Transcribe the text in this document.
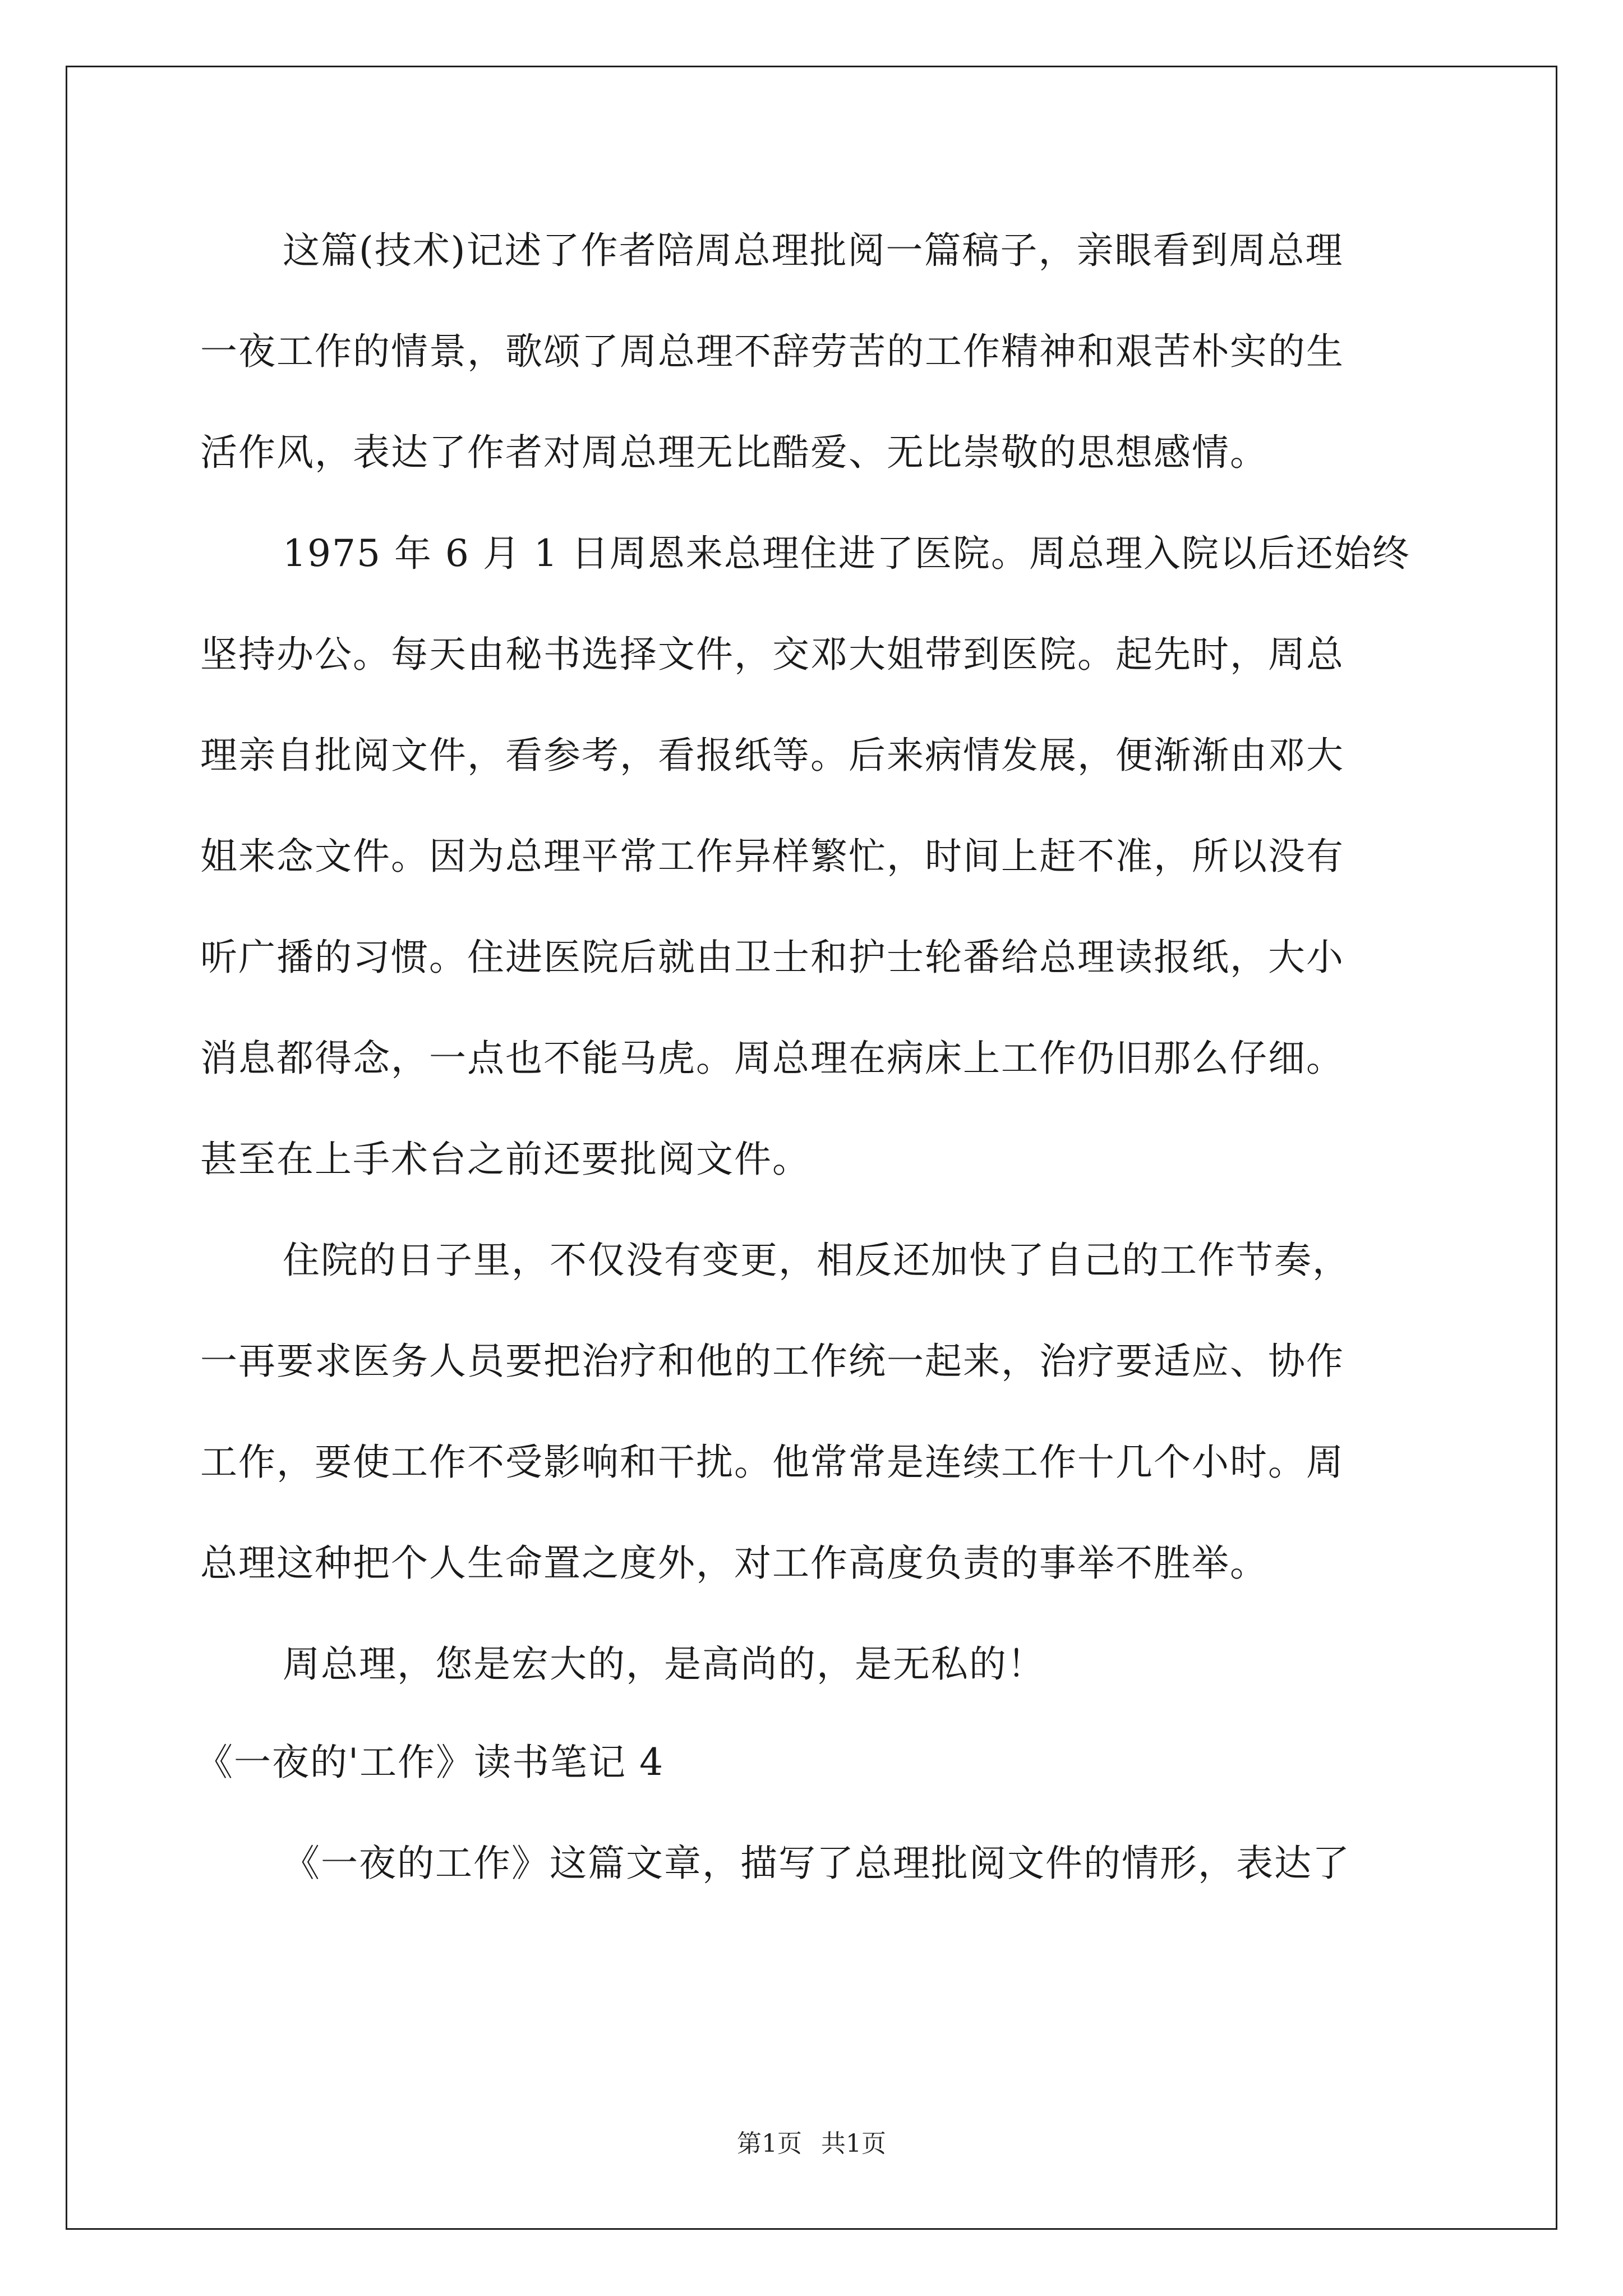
这篇(技术)记述了作者陪周总理批阅一篇稿子，亲眼看到周总理
一夜工作的情景，歌颂了周总理不辞劳苦的工作精神和艰苦朴实的生
活作风，表达了作者对周总理无比酷爱、无比崇敬的思想感情。
1975 年 6 月 1 日周恩来总理住进了医院。周总理入院以后还始终
坚持办公。每天由秘书选择文件，交邓大姐带到医院。起先时，周总
理亲自批阅文件，看参考，看报纸等。后来病情发展，便渐渐由邓大
姐来念文件。因为总理平常工作异样繁忙，时间上赶不准，所以没有
听广播的习惯。住进医院后就由卫士和护士轮番给总理读报纸，大小
消息都得念，一点也不能马虎。周总理在病床上工作仍旧那么仔细。
甚至在上手术台之前还要批阅文件。
住院的日子里，不仅没有变更，相反还加快了自己的工作节奏，
一再要求医务人员要把治疗和他的工作统一起来，治疗要适应、协作
工作，要使工作不受影响和干扰。他常常是连续工作十几个小时。周
总理这种把个人生命置之度外，对工作高度负责的事举不胜举。
周总理，您是宏大的，是高尚的，是无私的！
《一夜的'工作》读书笔记 4
《一夜的工作》这篇文章，描写了总理批阅文件的情形，表达了
第1页 共1页
